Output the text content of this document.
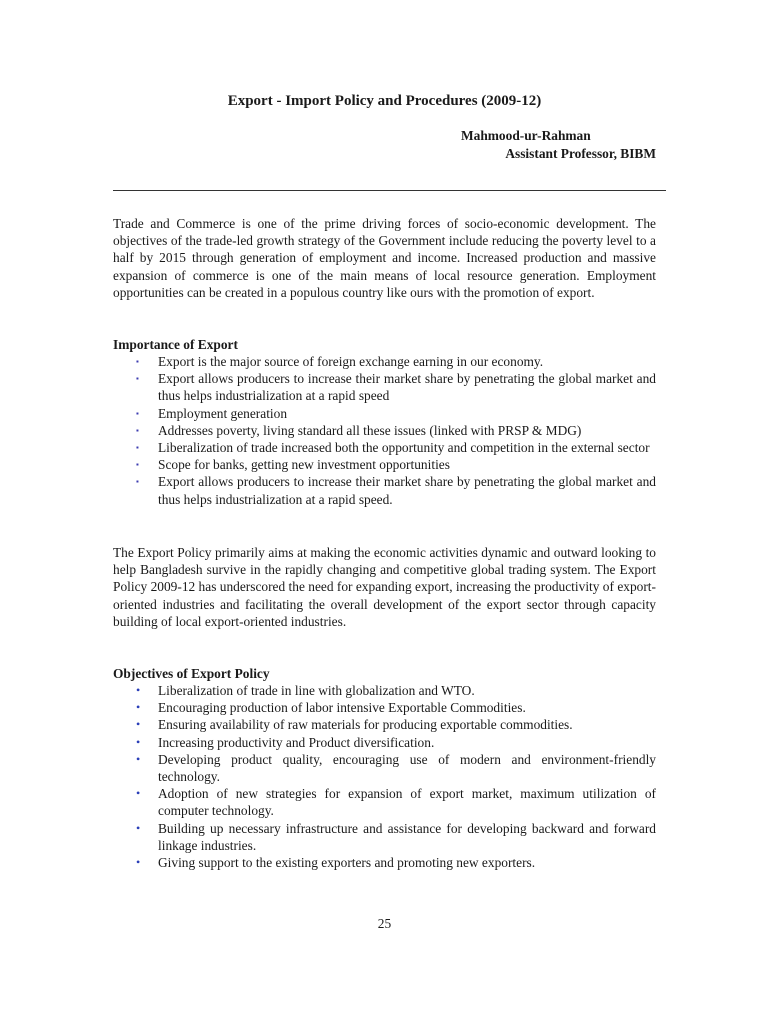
Export - Import Policy and Procedures (2009-12)
Mahmood-ur-Rahman
Assistant Professor, BIBM

Trade and Commerce is one of the prime driving forces of socio-economic development. The objectives of the trade-led growth strategy of the Government include reducing the poverty level to a half by 2015 through generation of employment and income. Increased production and massive expansion of commerce is one of the main means of local resource generation. Employment opportunities can be created in a populous country like ours with the promotion of export.

Importance of Export

▪ Export is the major source of foreign exchange earning in our economy.
▪ Export allows producers to increase their market share by penetrating the global market and thus helps industrialization at a rapid speed
▪ Employment generation
▪ Addresses poverty, living standard all these issues (linked with PRSP & MDG)
▪ Liberalization of trade increased both the opportunity and competition in the external sector
▪ Scope for banks, getting new investment opportunities
▪ Export allows producers to increase their market share by penetrating the global market and thus helps industrialization at a rapid speed.

The Export Policy primarily aims at making the economic activities dynamic and outward looking to help Bangladesh survive in the rapidly changing and competitive global trading system. The Export Policy 2009-12 has underscored the need for expanding export, increasing the productivity of export-oriented industries and facilitating the overall development of the export sector through capacity building of local export-oriented industries.

Objectives of Export Policy

• Liberalization of trade in line with globalization and WTO.
• Encouraging production of labor intensive Exportable Commodities.
• Ensuring availability of raw materials for producing exportable commodities.
• Increasing productivity and Product diversification.
• Developing product quality, encouraging use of modern and environment-friendly technology.
• Adoption of new strategies for expansion of export market, maximum utilization of computer technology.
• Building up necessary infrastructure and assistance for developing backward and forward linkage industries.
• Giving support to the existing exporters and promoting new exporters.
25
